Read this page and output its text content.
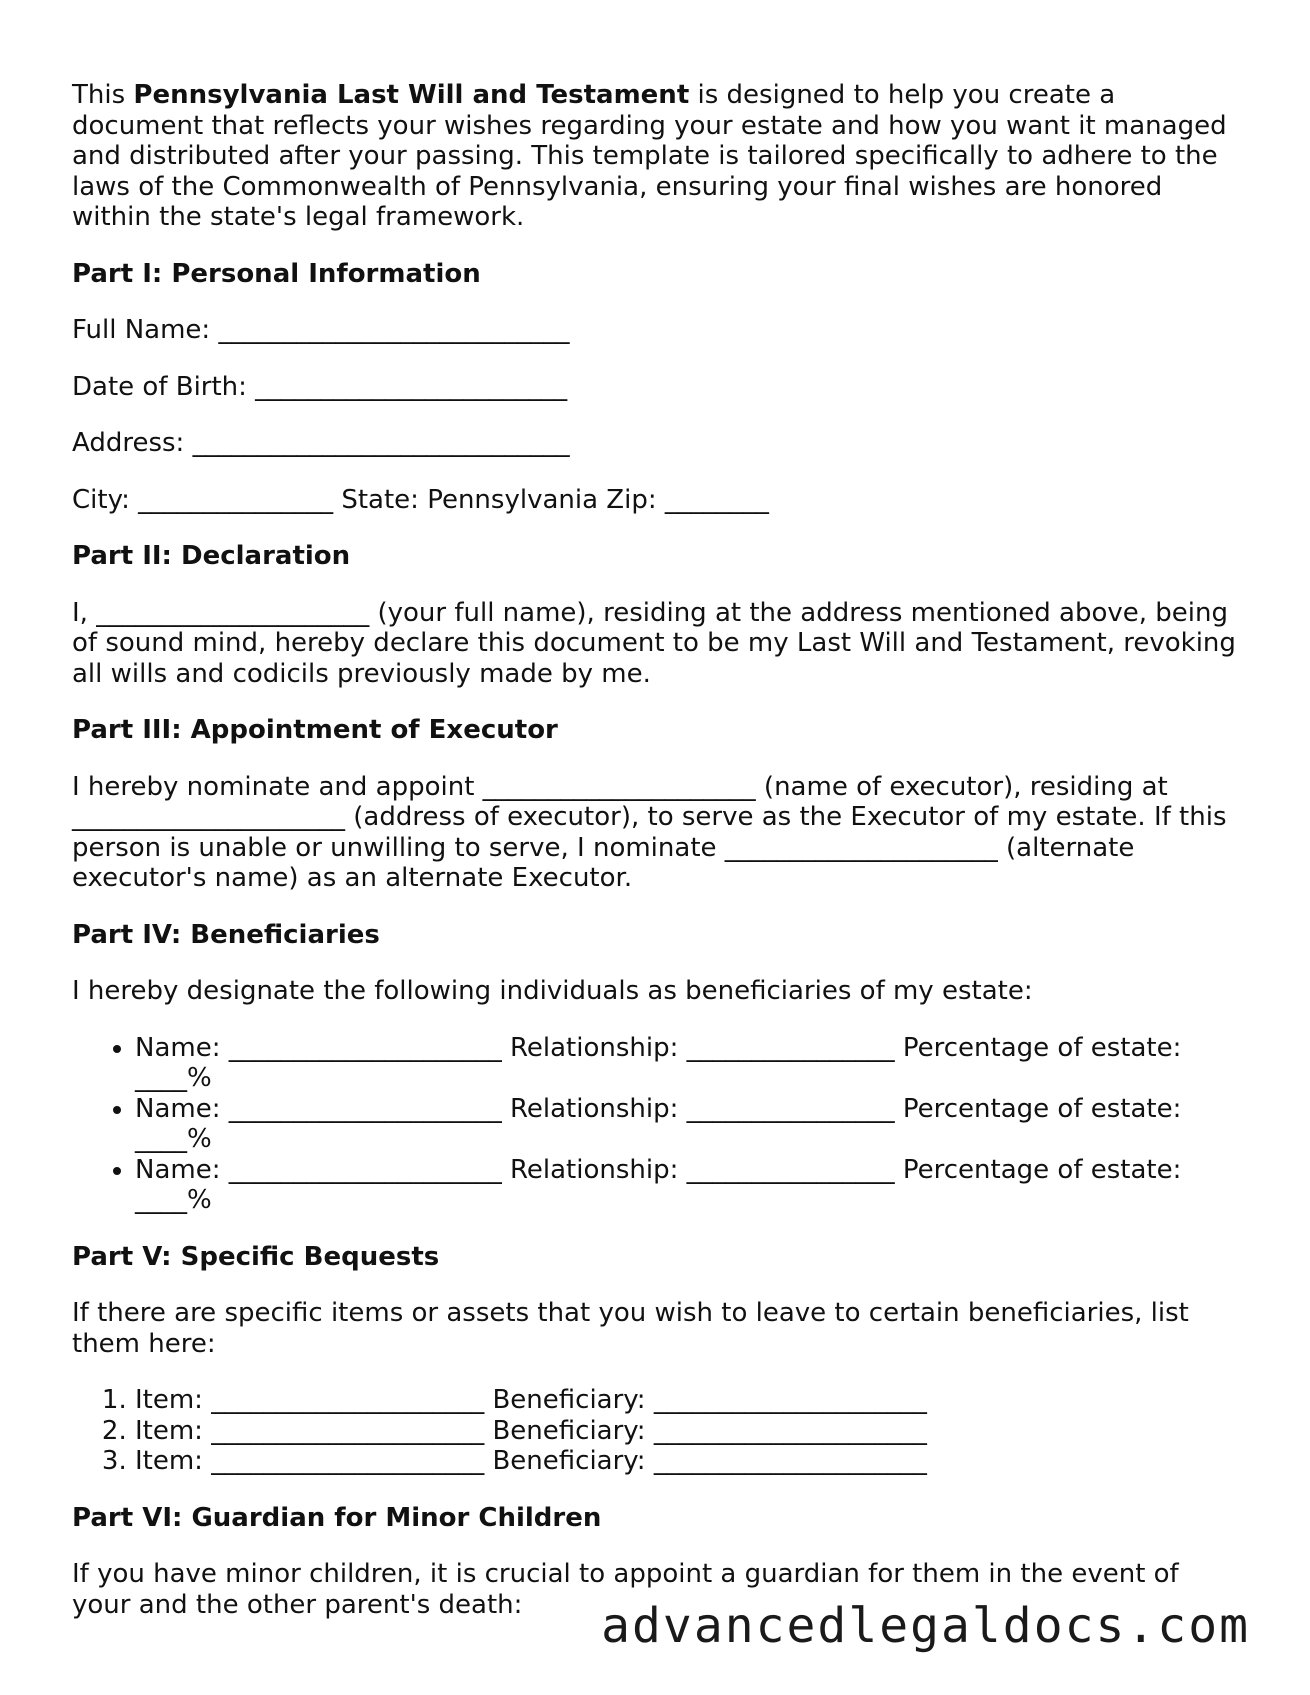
This Pennsylvania Last Will and Testament is designed to help you create a document that reflects your wishes regarding your estate and how you want it managed and distributed after your passing. This template is tailored specifically to adhere to the laws of the Commonwealth of Pennsylvania, ensuring your final wishes are honored within the state's legal framework.

Part I: Personal Information

Full Name: ___________________________

Date of Birth: ________________________

Address: _____________________________

City: _______________ State: Pennsylvania Zip: ________

Part II: Declaration

I, _____________________ (your full name), residing at the address mentioned above, being of sound mind, hereby declare this document to be my Last Will and Testament, revoking all wills and codicils previously made by me.

Part III: Appointment of Executor

I hereby nominate and appoint _____________________ (name of executor), residing at _____________________ (address of executor), to serve as the Executor of my estate. If this person is unable or unwilling to serve, I nominate _____________________ (alternate executor's name) as an alternate Executor.

Part IV: Beneficiaries

I hereby designate the following individuals as beneficiaries of my estate:

• Name: _____________________ Relationship: ________________ Percentage of estate: ____%
• Name: _____________________ Relationship: ________________ Percentage of estate: ____%
• Name: _____________________ Relationship: ________________ Percentage of estate: ____%
Part V: Specific Bequests

If there are specific items or assets that you wish to leave to certain beneficiaries, list them here:

1. Item: _____________________ Beneficiary: _____________________
2. Item: _____________________ Beneficiary: _____________________
3. Item: _____________________ Beneficiary: _____________________
Part VI: Guardian for Minor Children

If you have minor children, it is crucial to appoint a guardian for them in the event of your and the other parent's death:	advancedlegaldocs.com
